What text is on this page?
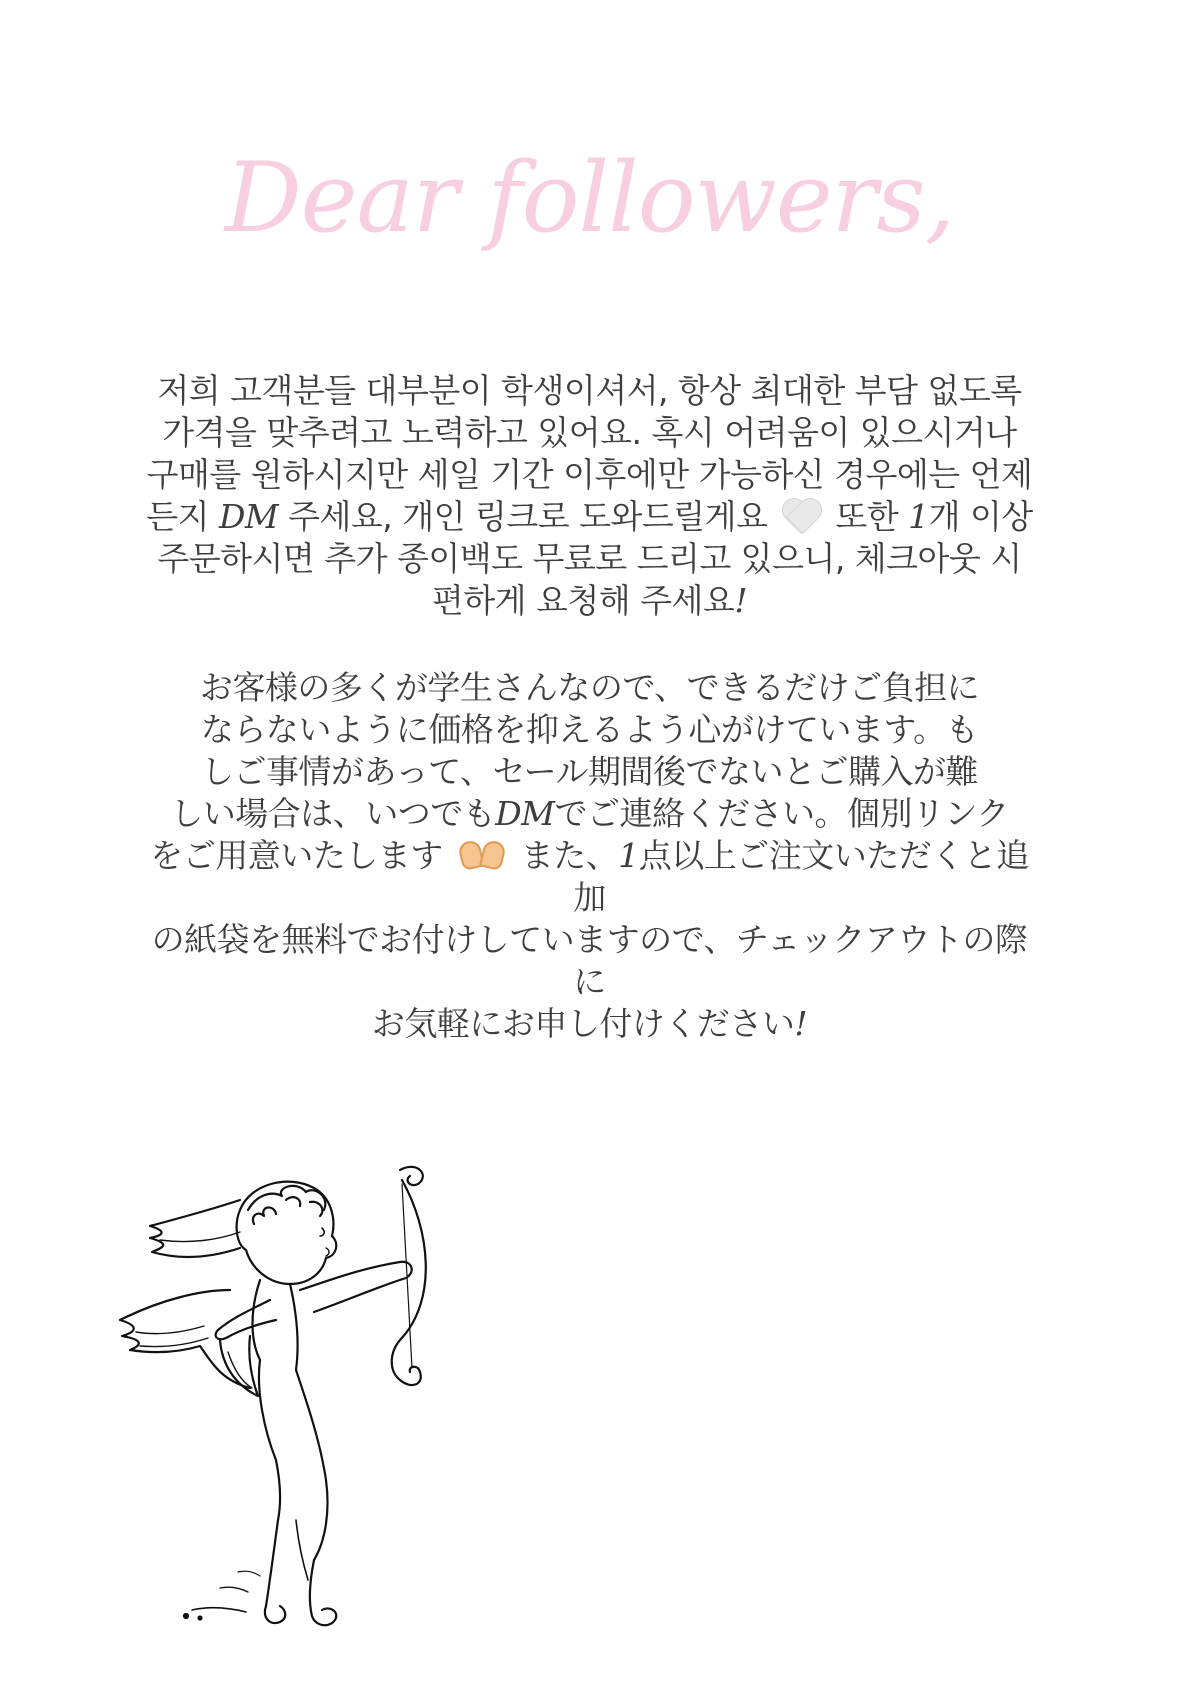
Dear followers,
저희 고객분들 대부분이 학생이셔서, 항상 최대한 부담 없도록
가격을 맞추려고 노력하고 있어요. 혹시 어려움이 있으시거나
구매를 원하시지만 세일 기간 이후에만 가능하신 경우에는 언제
든지 DM 주세요, 개인 링크로 도와드릴게요  또한 1개 이상
주문하시면 추가 종이백도 무료로 드리고 있으니, 체크아웃 시
편하게 요청해 주세요!
お客様の多くが学生さんなので、できるだけご負担に
ならないように価格を抑えるよう心がけています。も
しご事情があって、セール期間後でないとご購入が難
しい場合は、いつでもDMでご連絡ください。個別リンク
をご用意いたします
また、1点以上ご注文いただくと追加
の紙袋を無料でお付けしていますので、チェックアウトの際に
お気軽にお申し付けください!
